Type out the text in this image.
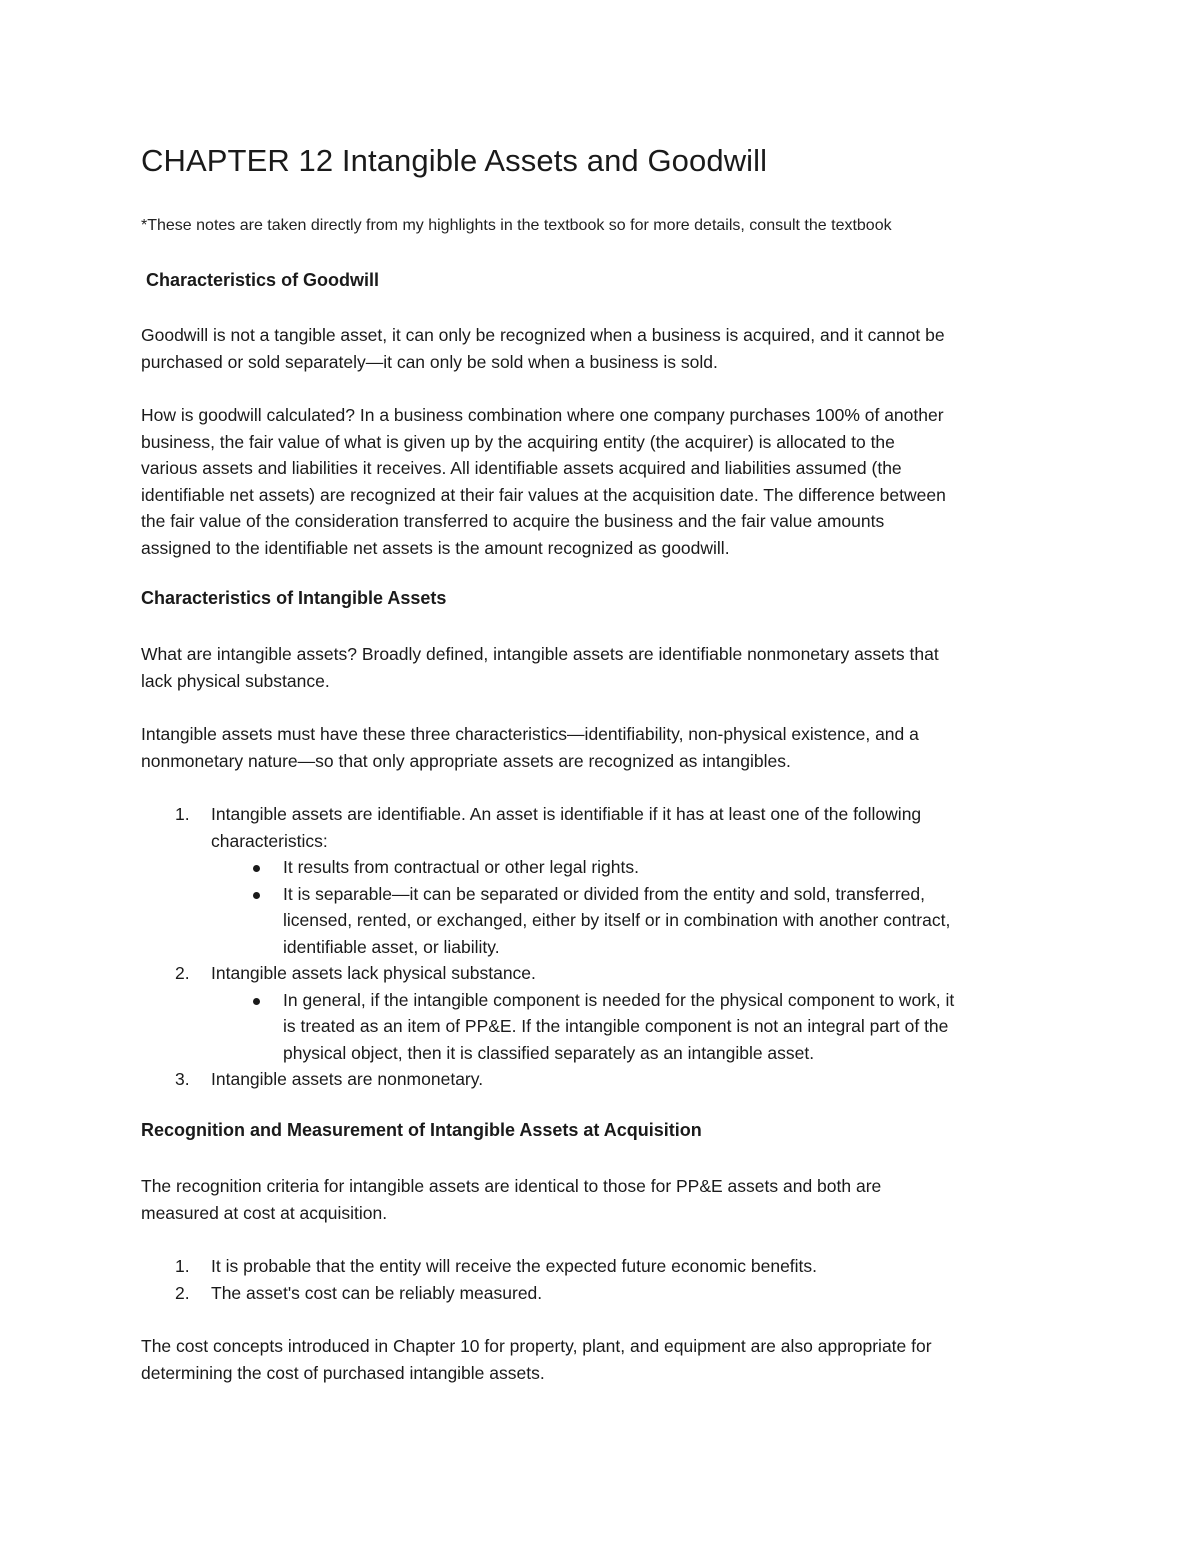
CHAPTER 12 Intangible Assets and Goodwill

*These notes are taken directly from my highlights in the textbook so for more details, consult the textbook

Characteristics of Goodwill

Goodwill is not a tangible asset, it can only be recognized when a business is acquired, and it cannot be
purchased or sold separately—it can only be sold when a business is sold.

How is goodwill calculated? In a business combination where one company purchases 100% of another
business, the fair value of what is given up by the acquiring entity (the acquirer) is allocated to the
various assets and liabilities it receives. All identifiable assets acquired and liabilities assumed (the
identifiable net assets) are recognized at their fair values at the acquisition date. The difference between
the fair value of the consideration transferred to acquire the business and the fair value amounts
assigned to the identifiable net assets is the amount recognized as goodwill.

Characteristics of Intangible Assets

What are intangible assets? Broadly defined, intangible assets are identifiable nonmonetary assets that
lack physical substance.

Intangible assets must have these three characteristics—identifiability, non-physical existence, and a
nonmonetary nature—so that only appropriate assets are recognized as intangibles.

1. Intangible assets are identifiable. An asset is identifiable if it has at least one of the following
characteristics:
It results from contractual or other legal rights.
It is separable—it can be separated or divided from the entity and sold, transferred,
licensed, rented, or exchanged, either by itself or in combination with another contract,
identifiable asset, or liability.
2. Intangible assets lack physical substance.
In general, if the intangible component is needed for the physical component to work, it
is treated as an item of PP&E. If the intangible component is not an integral part of the
physical object, then it is classified separately as an intangible asset.
3. Intangible assets are nonmonetary.
Recognition and Measurement of Intangible Assets at Acquisition

The recognition criteria for intangible assets are identical to those for PP&E assets and both are
measured at cost at acquisition.

1. It is probable that the entity will receive the expected future economic benefits.
2. The asset's cost can be reliably measured.

The cost concepts introduced in Chapter 10 for property, plant, and equipment are also appropriate for
determining the cost of purchased intangible assets.
